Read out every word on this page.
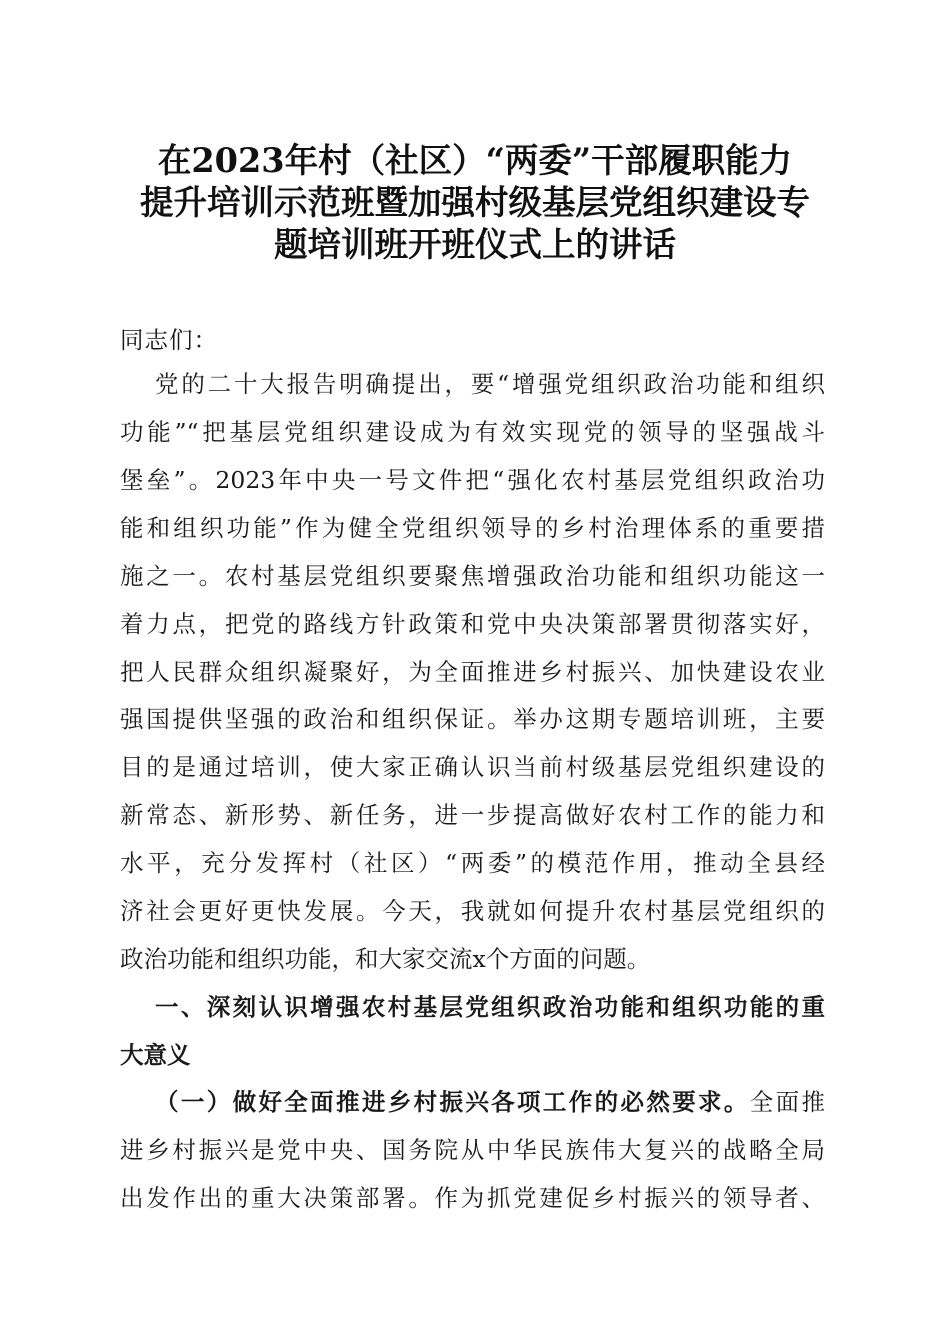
在2023年村（社区）“两委”干部履职能力
提升培训示范班暨加强村级基层党组织建设专
题培训班开班仪式上的讲话
同志们：
党的二十大报告明确提出，要“增强党组织政治功能和组织
功能”“把基层党组织建设成为有效实现党的领导的坚强战斗
堡垒”。2023年中央一号文件把“强化农村基层党组织政治功
能和组织功能”作为健全党组织领导的乡村治理体系的重要措
施之一。农村基层党组织要聚焦增强政治功能和组织功能这一
着力点，把党的路线方针政策和党中央决策部署贯彻落实好，
把人民群众组织凝聚好，为全面推进乡村振兴、加快建设农业
强国提供坚强的政治和组织保证。举办这期专题培训班，主要
目的是通过培训，使大家正确认识当前村级基层党组织建设的
新常态、新形势、新任务，进一步提高做好农村工作的能力和
水平，充分发挥村（社区）“两委”的模范作用，推动全县经
济社会更好更快发展。今天，我就如何提升农村基层党组织的
政治功能和组织功能，和大家交流x个方面的问题。
一、深刻认识增强农村基层党组织政治功能和组织功能的重
大意义
（一）做好全面推进乡村振兴各项工作的必然要求。全面推
进乡村振兴是党中央、国务院从中华民族伟大复兴的战略全局
出发作出的重大决策部署。作为抓党建促乡村振兴的领导者、
